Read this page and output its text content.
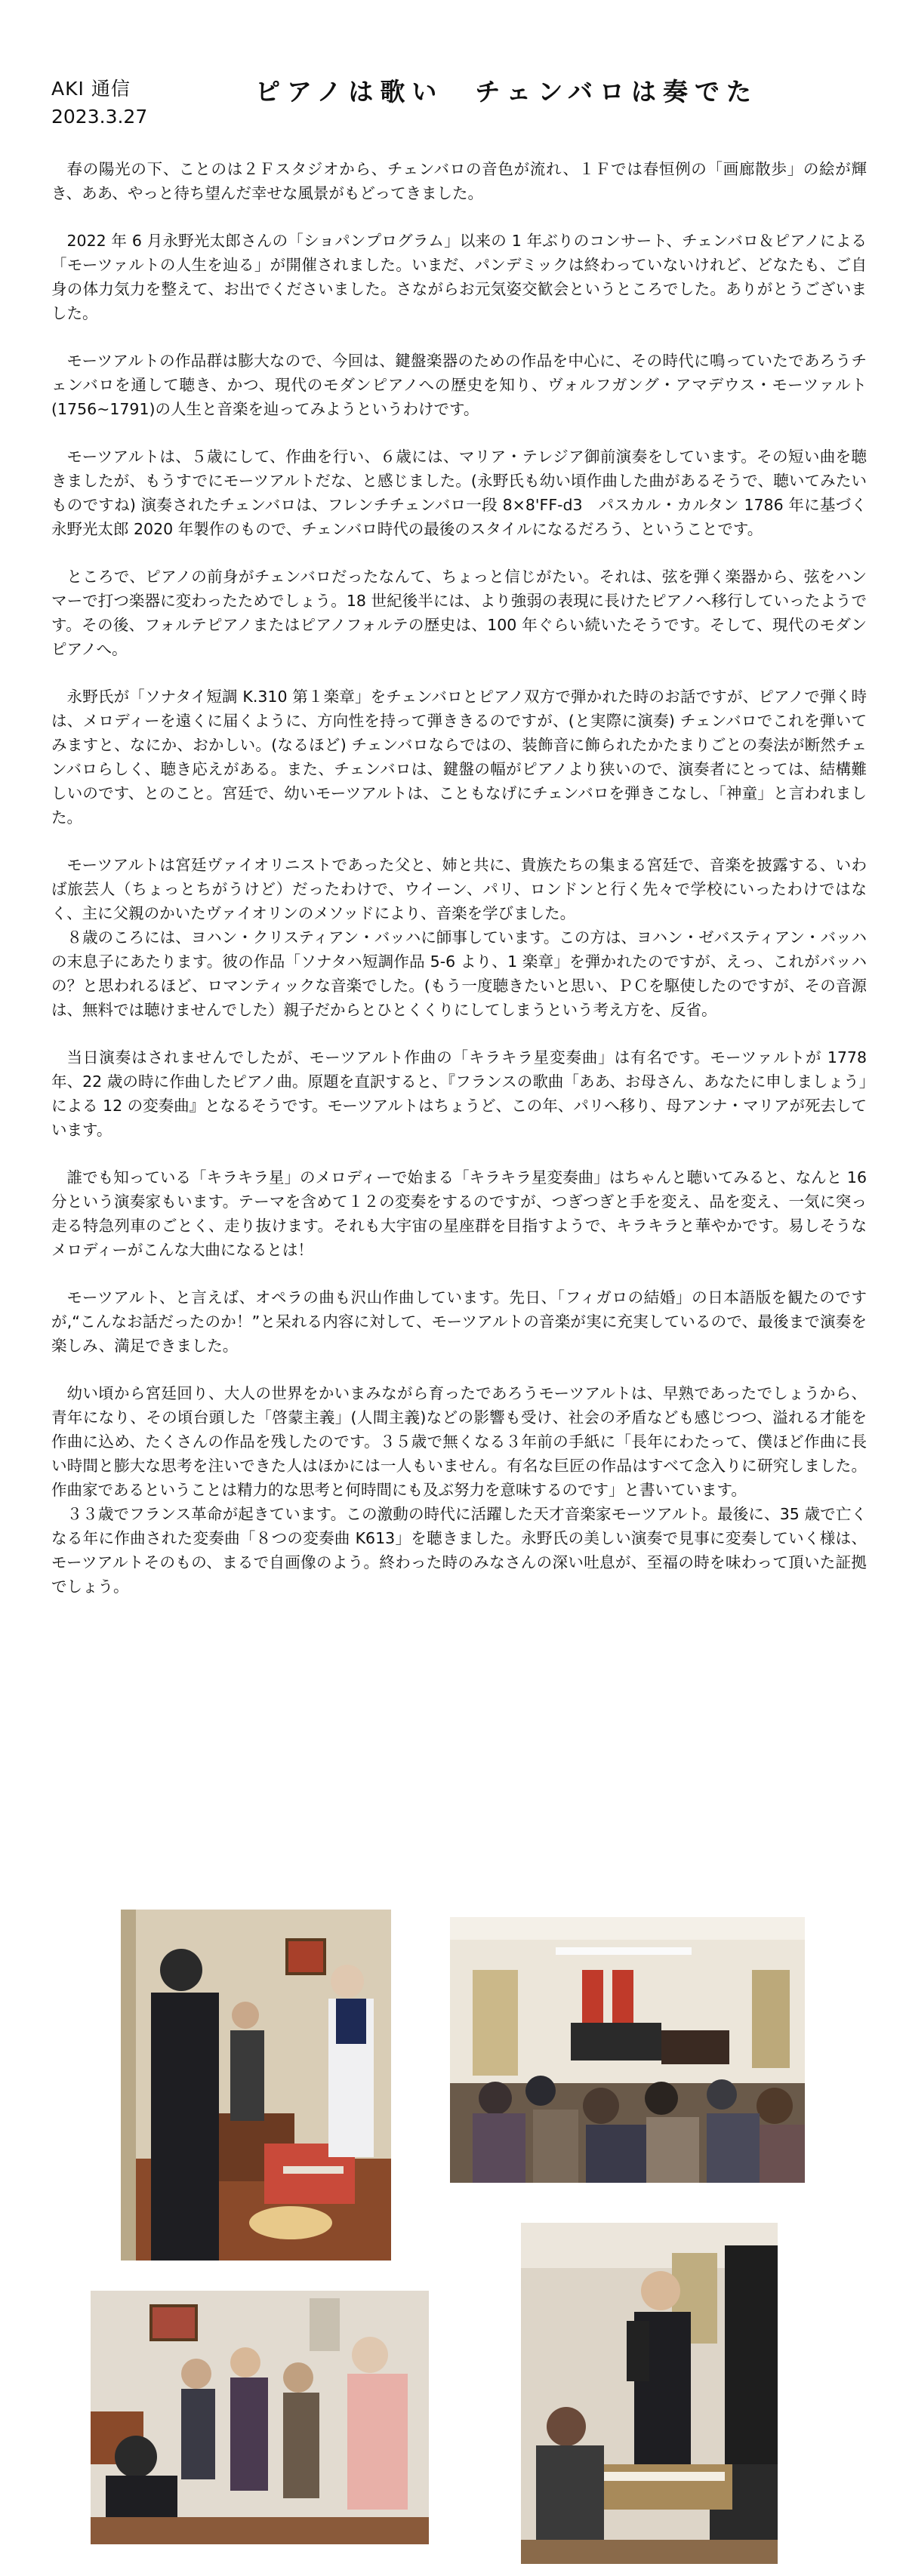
AKI 通信
2023.3.27
ピアノは歌い　チェンバロは奏でた

春の陽光の下、ことのは２Ｆスタジオから、チェンバロの音色が流れ、１Ｆでは春恒例の「画廊散歩」の絵が輝き、ああ、やっと待ち望んだ幸せな風景がもどってきました。

2022 年 6 月永野光太郎さんの「ショパンプログラム」以来の 1 年ぶりのコンサート、チェンバロ＆ピアノによる「モーツァルトの人生を辿る」が開催されました。いまだ、パンデミックは終わっていないけれど、どなたも、ご自身の体力気力を整えて、お出でくださいました。さながらお元気姿交歓会というところでした。ありがとうございました。

モーツアルトの作品群は膨大なので、今回は、鍵盤楽器のための作品を中心に、その時代に鳴っていたであろうチェンバロを通して聴き、かつ、現代のモダンピアノへの歴史を知り、ヴォルフガング・アマデウス・モーツァルト (1756~1791)の人生と音楽を辿ってみようというわけです。

モーツアルトは、５歳にして、作曲を行い、６歳には、マリア・テレジア御前演奏をしています。その短い曲を聴きましたが、もうすでにモーツアルトだな、と感じました。(永野氏も幼い頃作曲した曲があるそうで、聴いてみたいものですね) 演奏されたチェンバロは、フレンチチェンバロ一段 8×8'FF-d3　パスカル・カルタン 1786 年に基づく永野光太郎 2020 年製作のもので、チェンバロ時代の最後のスタイルになるだろう、ということです。

ところで、ピアノの前身がチェンバロだったなんて、ちょっと信じがたい。それは、弦を弾く楽器から、弦をハンマーで打つ楽器に変わったためでしょう。18 世紀後半には、より強弱の表現に長けたピアノへ移行していったようです。その後、フォルテピアノまたはピアノフォルテの歴史は、100 年ぐらい続いたそうです。そして、現代のモダンピアノへ。

永野氏が「ソナタイ短調 K.310 第１楽章」をチェンバロとピアノ双方で弾かれた時のお話ですが、ピアノで弾く時は、メロディーを遠くに届くように、方向性を持って弾ききるのですが、(と実際に演奏) チェンバロでこれを弾いてみますと、なにか、おかしい。(なるほど) チェンバロならではの、装飾音に飾られたかたまりごとの奏法が断然チェンバロらしく、聴き応えがある。また、チェンバロは、鍵盤の幅がピアノより狭いので、演奏者にとっては、結構難しいのです、とのこと。宮廷で、幼いモーツアルトは、こともなげにチェンバロを弾きこなし、「神童」と言われました。

モーツアルトは宮廷ヴァイオリニストであった父と、姉と共に、貴族たちの集まる宮廷で、音楽を披露する、いわば旅芸人（ちょっとちがうけど）だったわけで、ウイーン、パリ、ロンドンと行く先々で学校にいったわけではなく、主に父親のかいたヴァイオリンのメソッドにより、音楽を学びました。

８歳のころには、ヨハン・クリスティアン・バッハに師事しています。この方は、ヨハン・ゼバスティアン・バッハの末息子にあたります。彼の作品「ソナタハ短調作品 5-6 より、1 楽章」を弾かれたのですが、えっ、これがバッハの？と思われるほど、ロマンティックな音楽でした。(もう一度聴きたいと思い、ＰＣを駆使したのですが、その音源は、無料では聴けませんでした）親子だからとひとくくりにしてしまうという考え方を、反省。

当日演奏はされませんでしたが、モーツアルト作曲の「キラキラ星変奏曲」は有名です。モーツァルトが 1778 年、22 歳の時に作曲したピアノ曲。原題を直訳すると、『フランスの歌曲「ああ、お母さん、あなたに申しましょう」による 12 の変奏曲』となるそうです。モーツアルトはちょうど、この年、パリへ移り、母アンナ・マリアが死去しています。

誰でも知っている「キラキラ星」のメロディーで始まる「キラキラ星変奏曲」はちゃんと聴いてみると、なんと 16 分という演奏家もいます。テーマを含めて１２の変奏をするのですが、つぎつぎと手を変え、品を変え、一気に突っ走る特急列車のごとく、走り抜けます。それも大宇宙の星座群を目指すようで、キラキラと華やかです。易しそうなメロディーがこんな大曲になるとは！

モーツアルト、と言えば、オペラの曲も沢山作曲しています。先日、「フィガロの結婚」の日本語版を観たのですが,“こんなお話だったのか！”と呆れる内容に対して、モーツアルトの音楽が実に充実しているので、最後まで演奏を楽しみ、満足できました。

幼い頃から宮廷回り、大人の世界をかいまみながら育ったであろうモーツアルトは、早熟であったでしょうから、青年になり、その頃台頭した「啓蒙主義」(人間主義)などの影響も受け、社会の矛盾なども感じつつ、溢れる才能を作曲に込め、たくさんの作品を残したのです。３５歳で無くなる３年前の手紙に「長年にわたって、僕ほど作曲に長い時間と膨大な思考を注いできた人はほかには一人もいません。有名な巨匠の作品はすべて念入りに研究しました。作曲家であるということは精力的な思考と何時間にも及ぶ努力を意味するのです」と書いています。

３３歳でフランス革命が起きています。この激動の時代に活躍した天才音楽家モーツアルト。最後に、35 歳で亡くなる年に作曲された変奏曲「８つの変奏曲 K613」を聴きました。永野氏の美しい演奏で見事に変奏していく様は、モーツアルトそのもの、まるで自画像のよう。終わった時のみなさんの深い吐息が、至福の時を味わって頂いた証拠でしょう。
